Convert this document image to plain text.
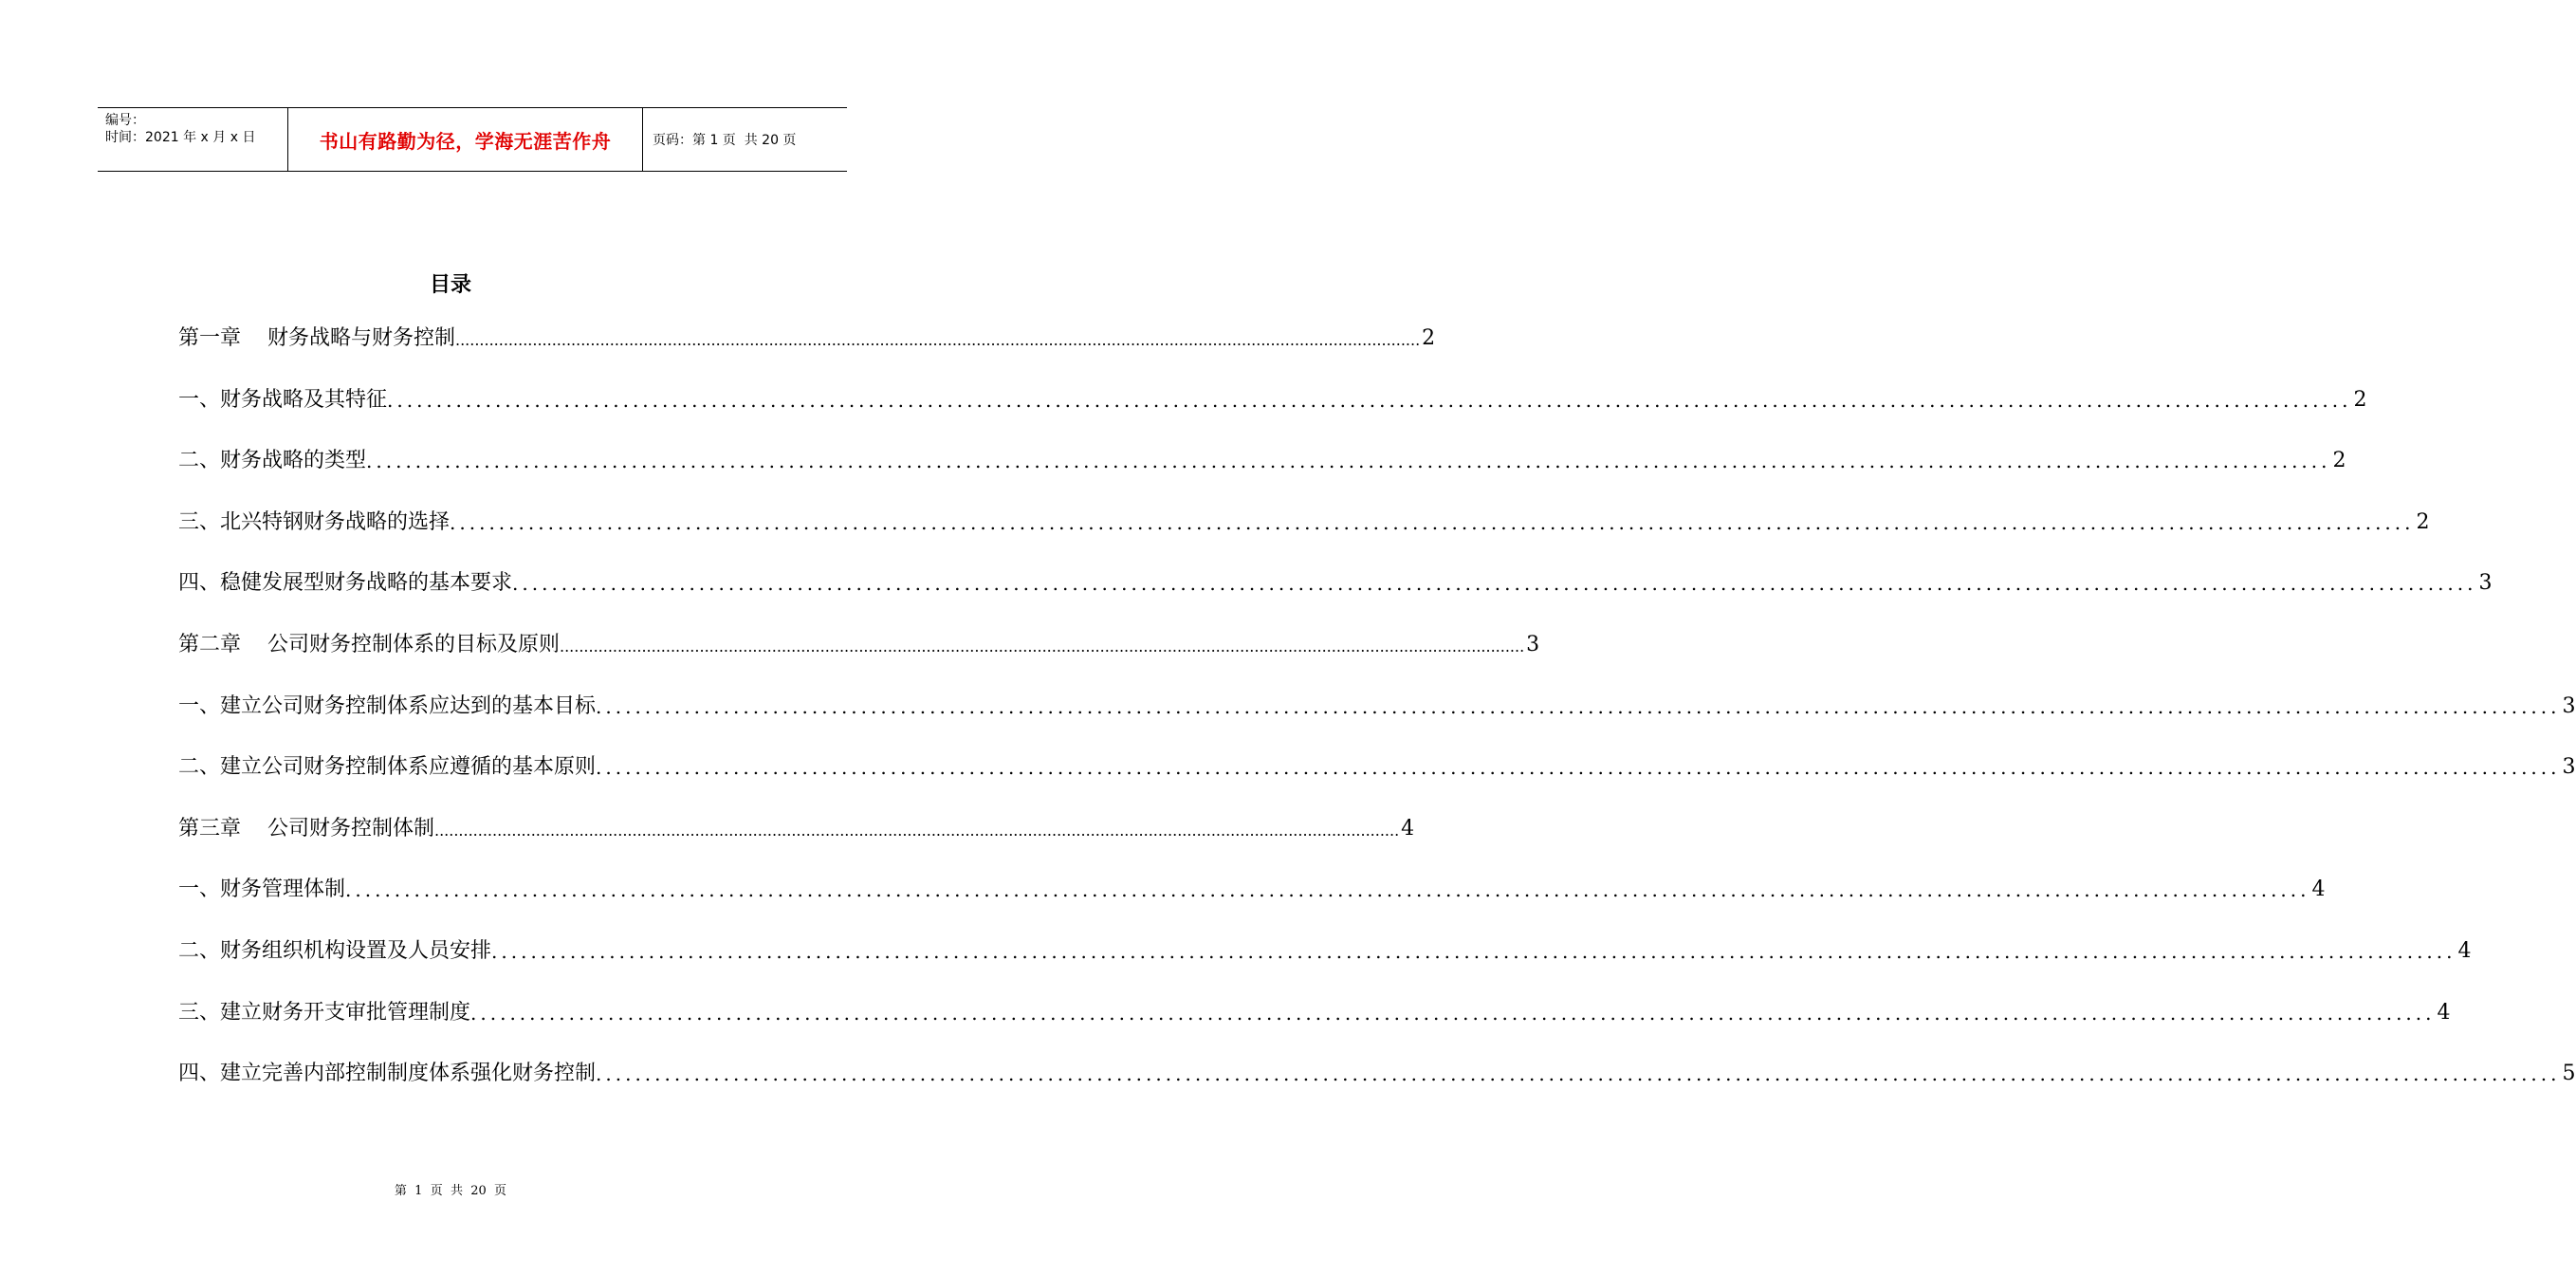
编号：
时间：2021 年 x 月 x 日	书山有路勤为径，学海无涯苦作舟	页码：第 1 页  共 20 页
目录
第一章    财务战略与财务控制 ........................................................................................................................................................................................................ 2
一、财务战略及其特征 ........................................................................................................................................................................................................ 2
二、财务战略的类型 ........................................................................................................................................................................................................ 2
三、北兴特钢财务战略的选择 ........................................................................................................................................................................................................ 2
四、稳健发展型财务战略的基本要求 ........................................................................................................................................................................................................ 3
第二章    公司财务控制体系的目标及原则 ........................................................................................................................................................................................................ 3
一、建立公司财务控制体系应达到的基本目标 ........................................................................................................................................................................................................ 3
二、建立公司财务控制体系应遵循的基本原则 ........................................................................................................................................................................................................ 3
第三章    公司财务控制体制 ........................................................................................................................................................................................................ 4
一、财务管理体制 ........................................................................................................................................................................................................ 4
二、财务组织机构设置及人员安排 ........................................................................................................................................................................................................ 4
三、建立财务开支审批管理制度 ........................................................................................................................................................................................................ 4
四、建立完善内部控制制度体系强化财务控制 ........................................................................................................................................................................................................ 5
第  1  页  共  20  页
